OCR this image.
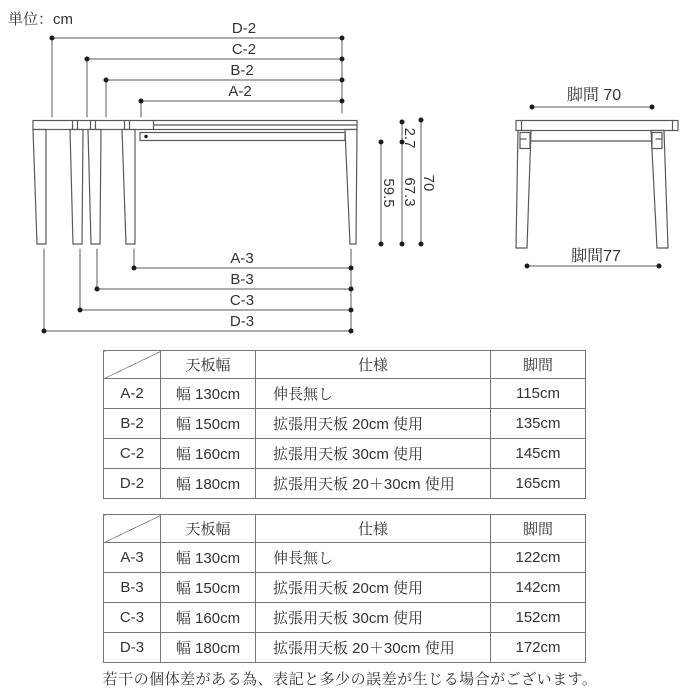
単位：cm
D-2
C-2
B-2
A-2
A-3
B-3
C-3
D-3
2.7
67.3 70
59.5
脚間 70
脚間77
	天板幅	仕様	脚間
A-2	幅 130cm	伸長無し	115cm
B-2	幅 150cm	拡張用天板 20cm 使用	135cm
C-2	幅 160cm	拡張用天板 30cm 使用	145cm
D-2	幅 180cm	拡張用天板 20＋30cm 使用	165cm
	天板幅	仕様	脚間
A-3	幅 130cm	伸長無し	122cm
B-3	幅 150cm	拡張用天板 20cm 使用	142cm
C-3	幅 160cm	拡張用天板 30cm 使用	152cm
D-3	幅 180cm	拡張用天板 20＋30cm 使用	172cm
若干の個体差がある為、表記と多少の誤差が生じる場合がございます。
